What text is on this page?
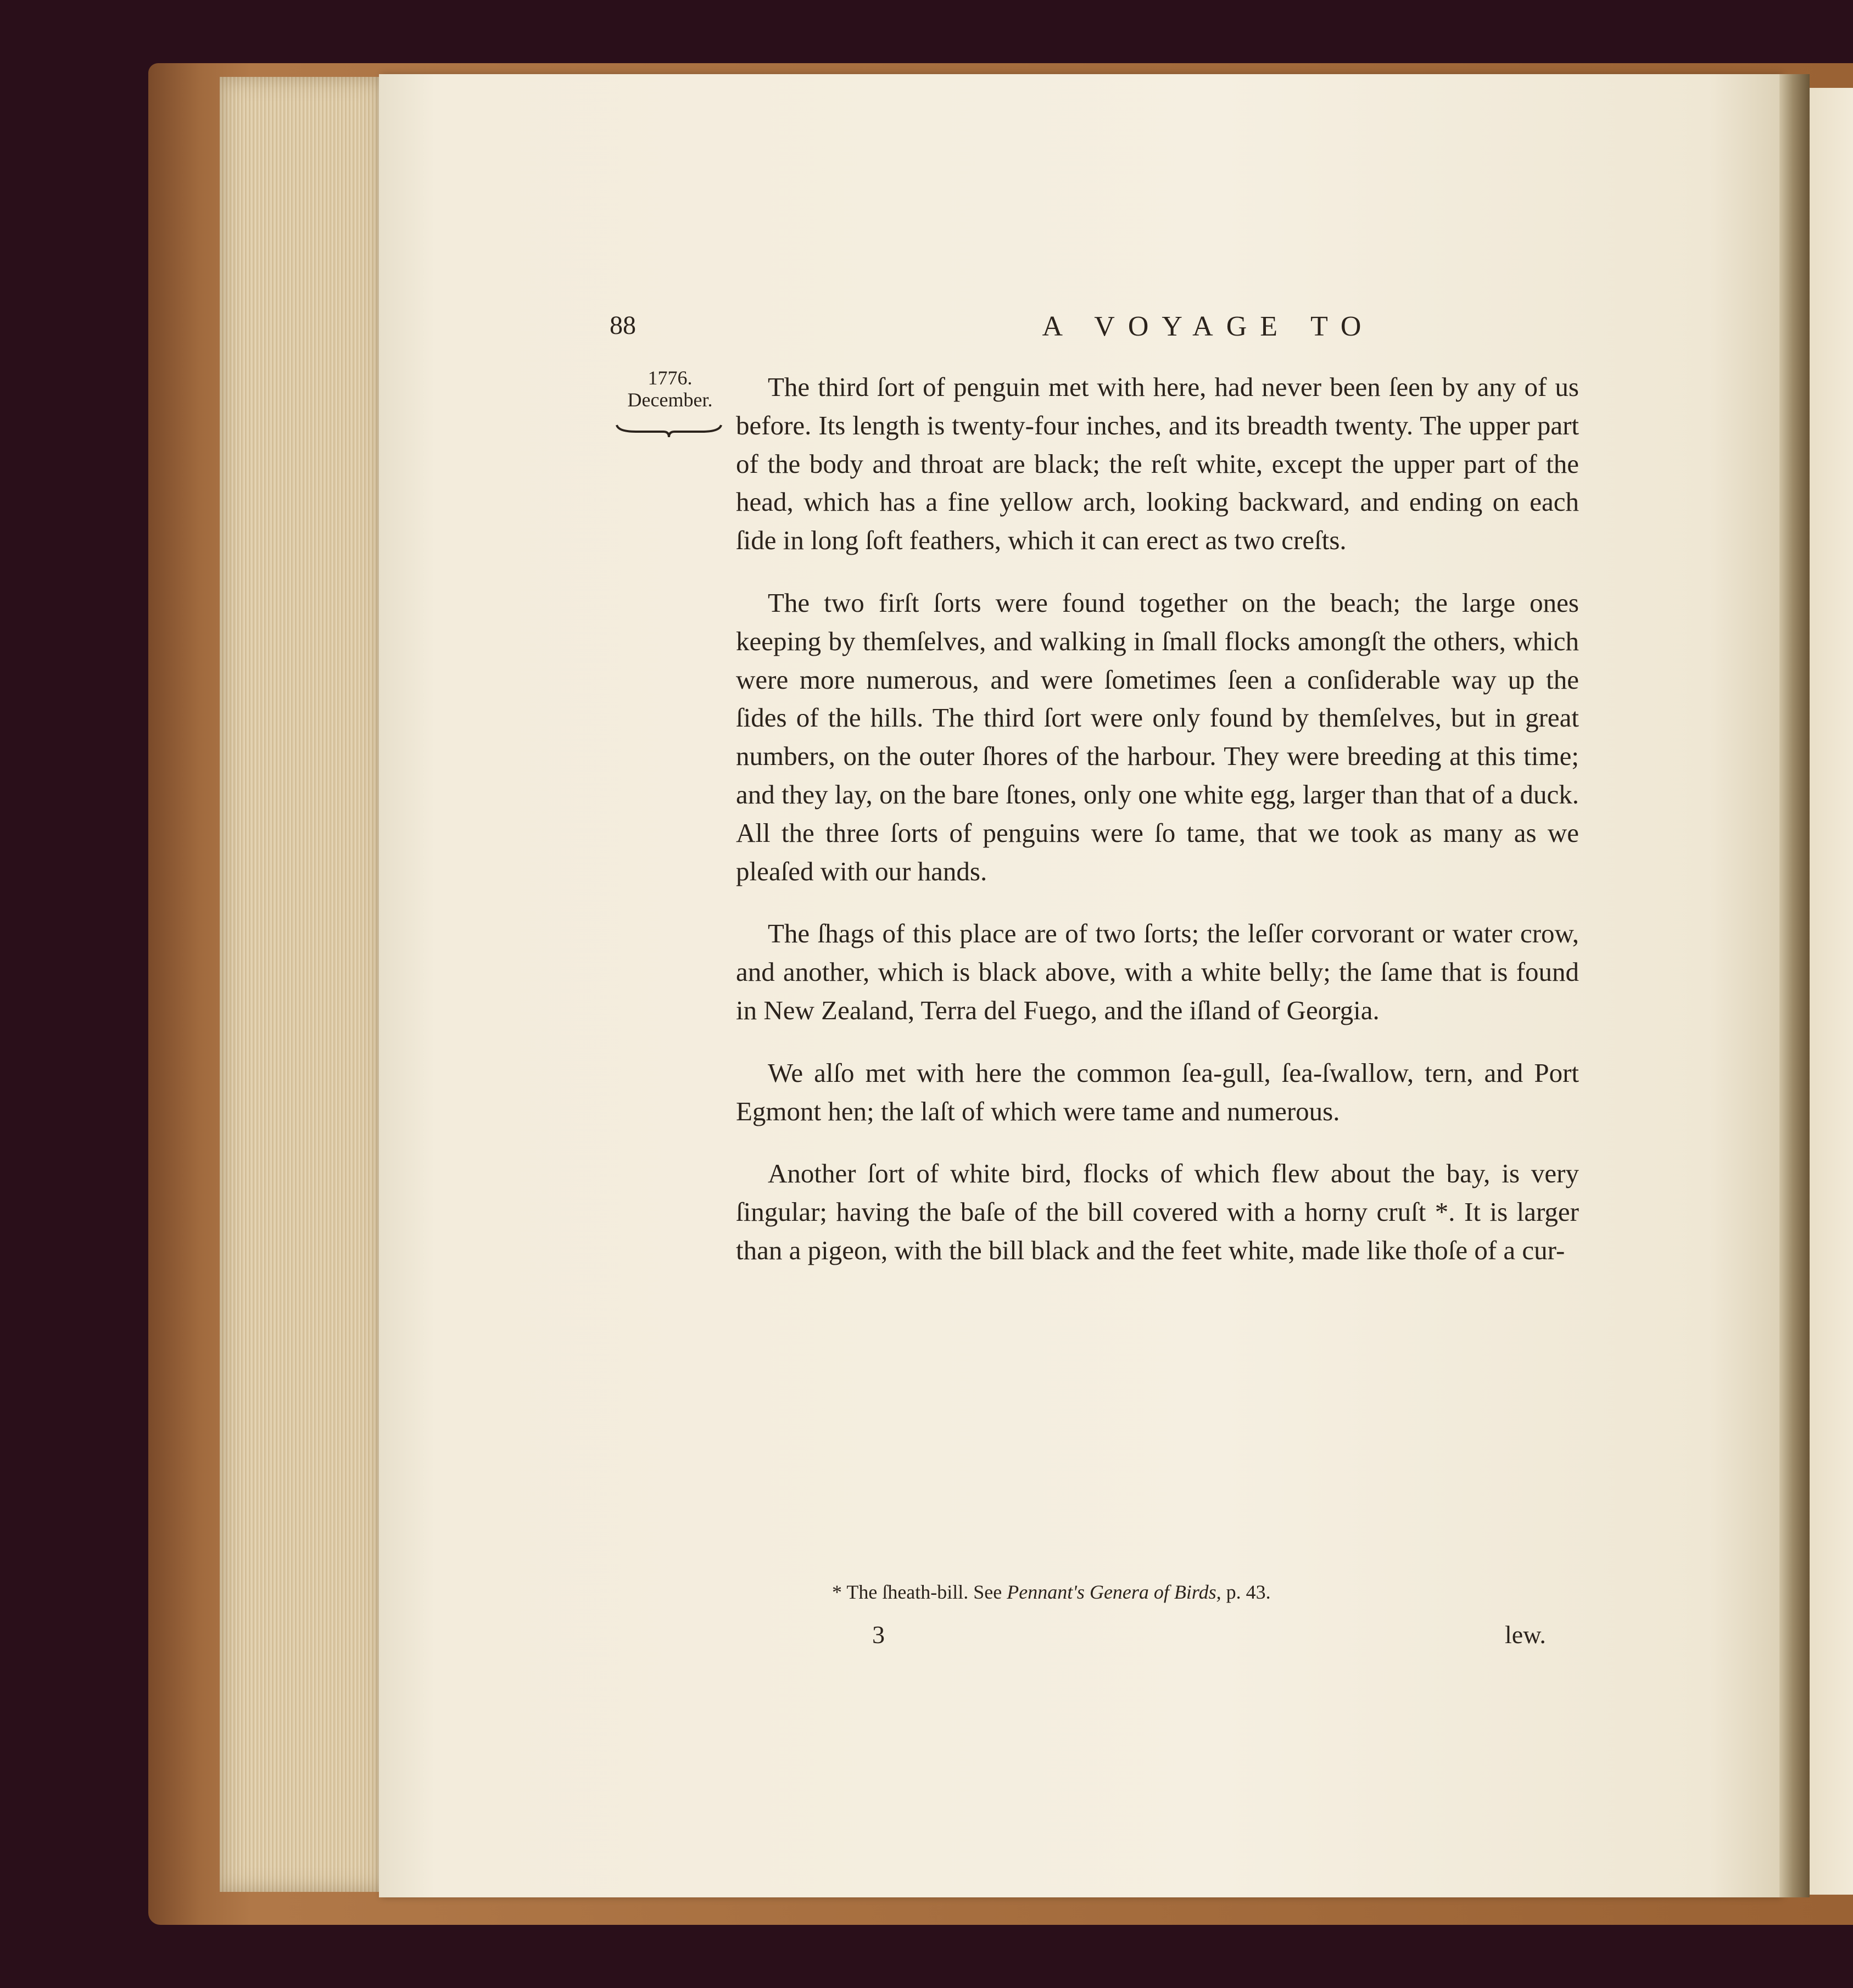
88	A VOYAGE TO
1776.
December.	The third ſort of penguin met with here, had never been ſeen by any of us before. Its length is twenty-four inches, and its breadth twenty. The upper part of the body and throat are black; the reſt white, except the upper part of the head, which has a fine yellow arch, looking backward, and ending on each ſide in long ſoft feathers, which it can erect as two creſts.

The two firſt ſorts were found together on the beach; the large ones keeping by themſelves, and walking in ſmall flocks amongſt the others, which were more numerous, and were ſometimes ſeen a conſiderable way up the ſides of the hills. The third ſort were only found by themſelves, but in great numbers, on the outer ſhores of the harbour. They were breeding at this time; and they lay, on the bare ſtones, only one white egg, larger than that of a duck. All the three ſorts of penguins were ſo tame, that we took as many as we pleaſed with our hands.

The ſhags of this place are of two ſorts; the leſſer corvorant or water crow, and another, which is black above, with a white belly; the ſame that is found in New Zealand, Terra del Fuego, and the iſland of Georgia.

We alſo met with here the common ſea-gull, ſea-ſwallow, tern, and Port Egmont hen; the laſt of which were tame and numerous.

Another ſort of white bird, flocks of which flew about the bay, is very ſingular; having the baſe of the bill covered with a horny cruſt *. It is larger than a pigeon, with the bill black and the feet white, made like thoſe of a cur-

* The ſheath-bill. See Pennant's Genera of Birds, p. 43.
3	lew.
